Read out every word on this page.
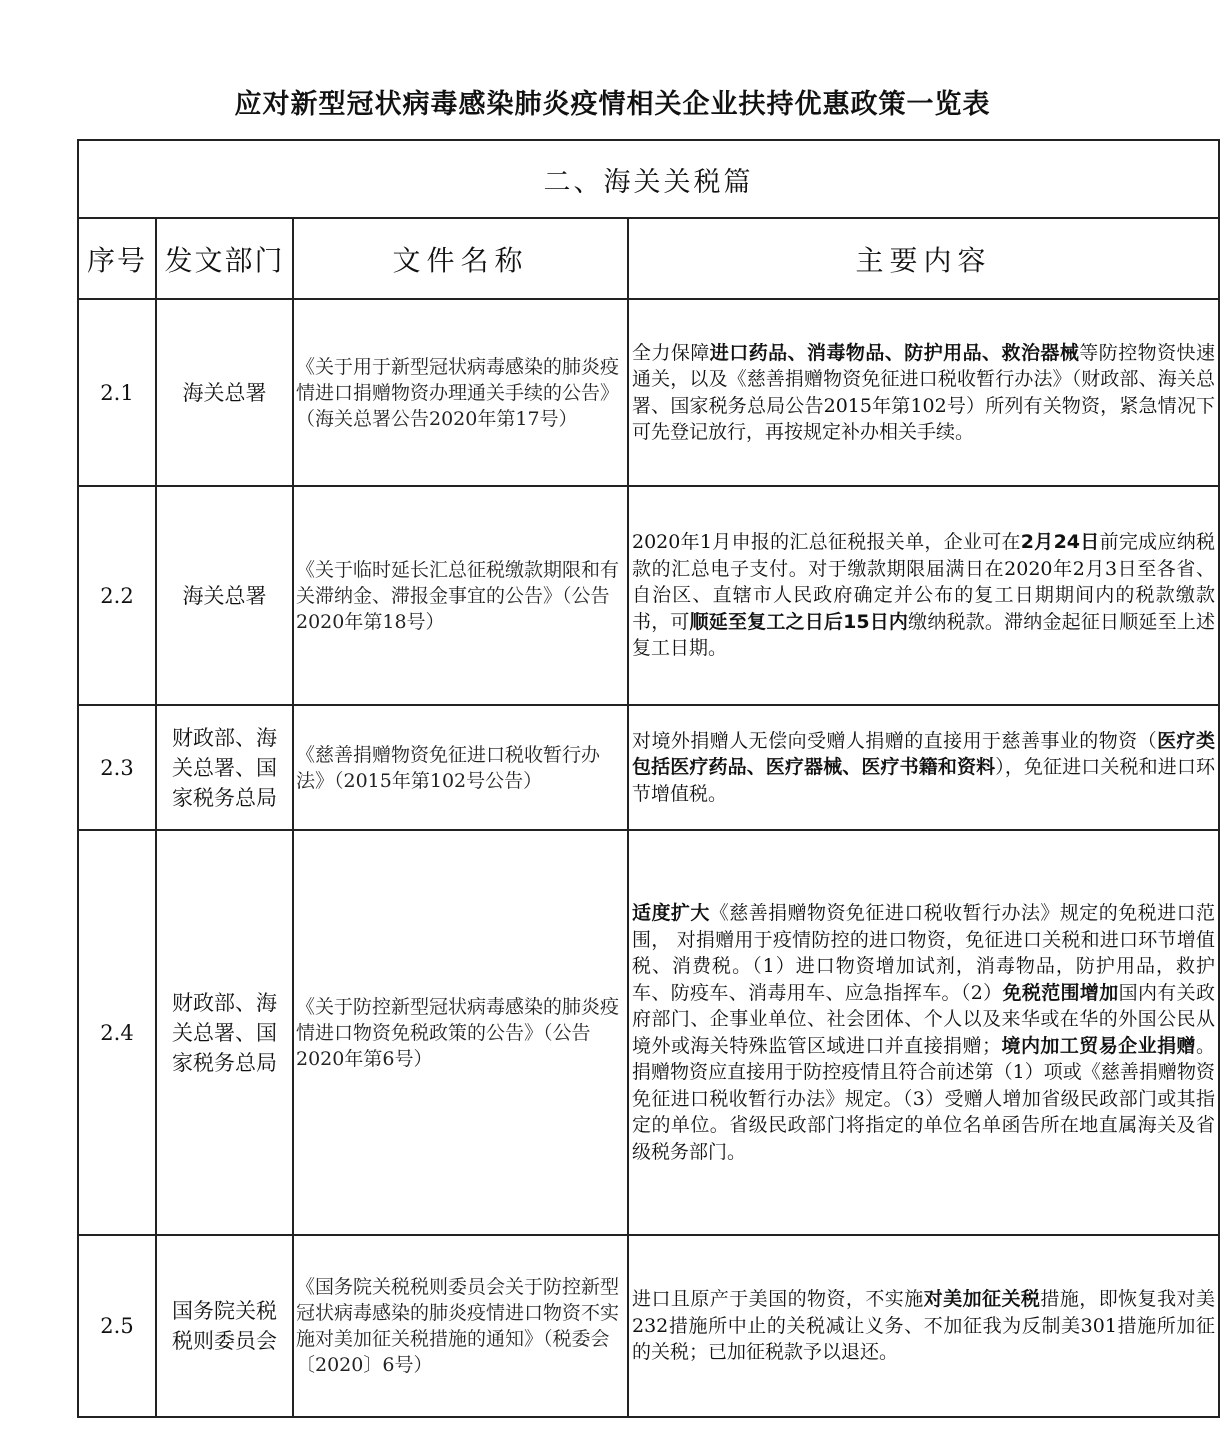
应对新型冠状病毒感染肺炎疫情相关企业扶持优惠政策一览表
二、海关关税篇			
序号	发文部门	文件名称	主要内容
2.1	海关总署	《关于用于新型冠状病毒感染的肺炎疫情进口捐赠物资办理通关手续的公告》（海关总署公告2020年第17号）	全力保障进口药品、消毒物品、防护用品、救治器械等防控物资快速通关，以及《慈善捐赠物资免征进口税收暂行办法》（财政部、海关总署、国家税务总局公告2015年第102号）所列有关物资，紧急情况下可先登记放行，再按规定补办相关手续。
2.2	海关总署	《关于临时延长汇总征税缴款期限和有关滞纳金、滞报金事宜的公告》（公告2020年第18号）	2020年1月申报的汇总征税报关单，企业可在2月24日前完成应纳税款的汇总电子支付。对于缴款期限届满日在2020年2月3日至各省、自治区、直辖市人民政府确定并公布的复工日期期间内的税款缴款书，可顺延至复工之日后15日内缴纳税款。滞纳金起征日顺延至上述复工日期。
2.3	财政部、海关总署、国家税务总局	《慈善捐赠物资免征进口税收暂行办法》（2015年第102号公告）	对境外捐赠人无偿向受赠人捐赠的直接用于慈善事业的物资（医疗类包括医疗药品、医疗器械、医疗书籍和资料），免征进口关税和进口环节增值税。
2.4	财政部、海关总署、国家税务总局	《关于防控新型冠状病毒感染的肺炎疫情进口物资免税政策的公告》（公告2020年第6号）	适度扩大《慈善捐赠物资免征进口税收暂行办法》规定的免税进口范围， 对捐赠用于疫情防控的进口物资，免征进口关税和进口环节增值税、消费税。（1）进口物资增加试剂，消毒物品，防护用品，救护车、防疫车、消毒用车、应急指挥车。（2）免税范围增加国内有关政府部门、企事业单位、社会团体、个人以及来华或在华的外国公民从境外或海关特殊监管区域进口并直接捐赠；境内加工贸易企业捐赠。捐赠物资应直接用于防控疫情且符合前述第（1）项或《慈善捐赠物资免征进口税收暂行办法》规定。（3）受赠人增加省级民政部门或其指定的单位。省级民政部门将指定的单位名单函告所在地直属海关及省级税务部门。
2.5	国务院关税税则委员会	《国务院关税税则委员会关于防控新型冠状病毒感染的肺炎疫情进口物资不实施对美加征关税措施的通知》（税委会〔2020〕6号）	进口且原产于美国的物资，不实施对美加征关税措施，即恢复我对美232措施所中止的关税减让义务、不加征我为反制美301措施所加征的关税；已加征税款予以退还。
